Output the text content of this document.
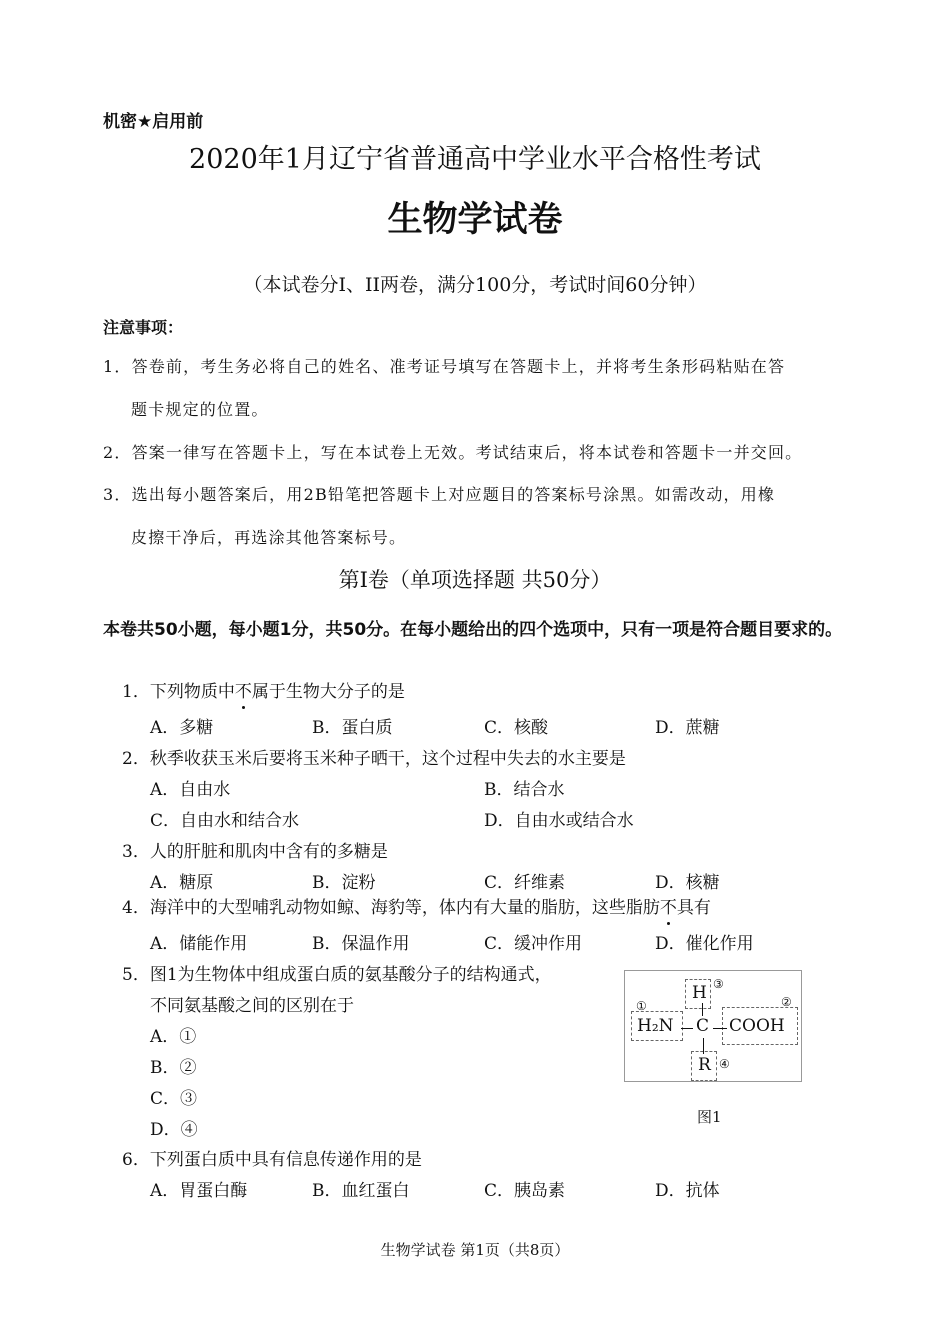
机密★启用前
2020年1月辽宁省普通高中学业水平合格性考试
生物学试卷
（本试卷分I、II两卷，满分100分，考试时间60分钟）
注意事项：
1．答卷前，考生务必将自己的姓名、准考证号填写在答题卡上，并将考生条形码粘贴在答
题卡规定的位置。
2．答案一律写在答题卡上，写在本试卷上无效。考试结束后，将本试卷和答题卡一并交回。
3．选出每小题答案后，用2B铅笔把答题卡上对应题目的答案标号涂黑。如需改动，用橡
皮擦干净后，再选涂其他答案标号。
第I卷（单项选择题 共50分）
本卷共50小题，每小题1分，共50分。在每小题给出的四个选项中，只有一项是符合题目要求的。
1．下列物质中不属于生物大分子的是
A．多糖	B．蛋白质	C．核酸	D．蔗糖
2．秋季收获玉米后要将玉米种子晒干，这个过程中失去的水主要是
A．自由水	B．结合水
C．自由水和结合水	D．自由水或结合水
3．人的肝脏和肌肉中含有的多糖是
A．糖原	B．淀粉	C．纤维素	D．核糖
4．海洋中的大型哺乳动物如鲸、海豹等，体内有大量的脂肪，这些脂肪不具有
A．储能作用	B．保温作用	C．缓冲作用	D．催化作用
5．图1为生物体中组成蛋白质的氨基酸分子的结构通式，
不同氨基酸之间的区别在于
A．①
B．②
C．③
D．④
①	②
③
④
H
H₂N C COOH
R
图1
6．下列蛋白质中具有信息传递作用的是
A．胃蛋白酶	B．血红蛋白	C．胰岛素	D．抗体
生物学试卷 第1页（共8页）
